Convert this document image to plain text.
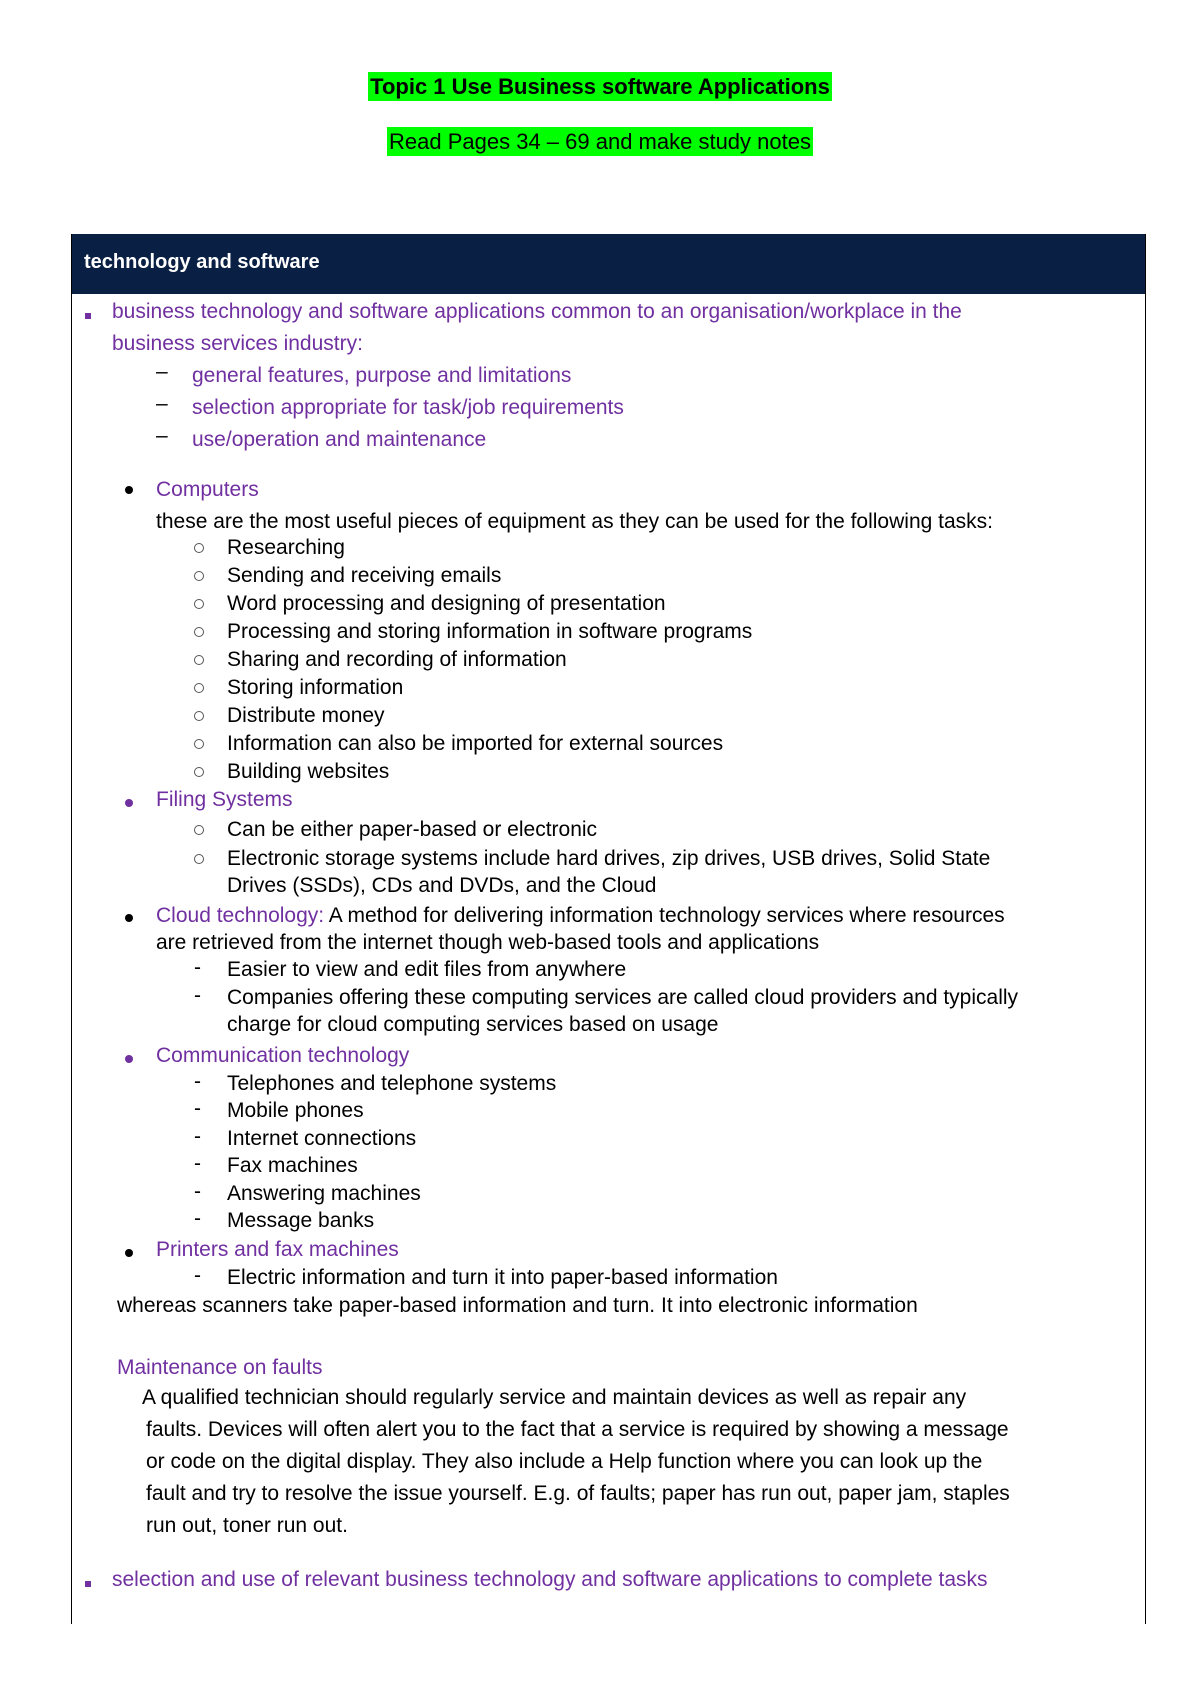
Topic 1 Use Business software Applications
Read Pages 34 – 69 and make study notes
technology and software
business technology and software applications common to an organisation/workplace in the
business services industry:
– general features, purpose and limitations
– selection appropriate for task/job requirements
– use/operation and maintenance
Computers
these are the most useful pieces of equipment as they can be used for the following tasks:
Researching
Sending and receiving emails
Word processing and designing of presentation
Processing and storing information in software programs
Sharing and recording of information
Storing information
Distribute money
Information can also be imported for external sources
Building websites
Filing Systems
Can be either paper-based or electronic
Electronic storage systems include hard drives, zip drives, USB drives, Solid State
Drives (SSDs), CDs and DVDs, and the Cloud
Cloud technology: A method for delivering information technology services where resources
are retrieved from the internet though web-based tools and applications
- Easier to view and edit files from anywhere
- Companies offering these computing services are called cloud providers and typically
charge for cloud computing services based on usage
Communication technology
- Telephones and telephone systems
- Mobile phones
- Internet connections
- Fax machines
- Answering machines
- Message banks
Printers and fax machines
- Electric information and turn it into paper-based information
whereas scanners take paper-based information and turn. It into electronic information
Maintenance on faults
A qualified technician should regularly service and maintain devices as well as repair any
faults. Devices will often alert you to the fact that a service is required by showing a message
or code on the digital display. They also include a Help function where you can look up the
fault and try to resolve the issue yourself. E.g. of faults; paper has run out, paper jam, staples
run out, toner run out.
selection and use of relevant business technology and software applications to complete tasks
